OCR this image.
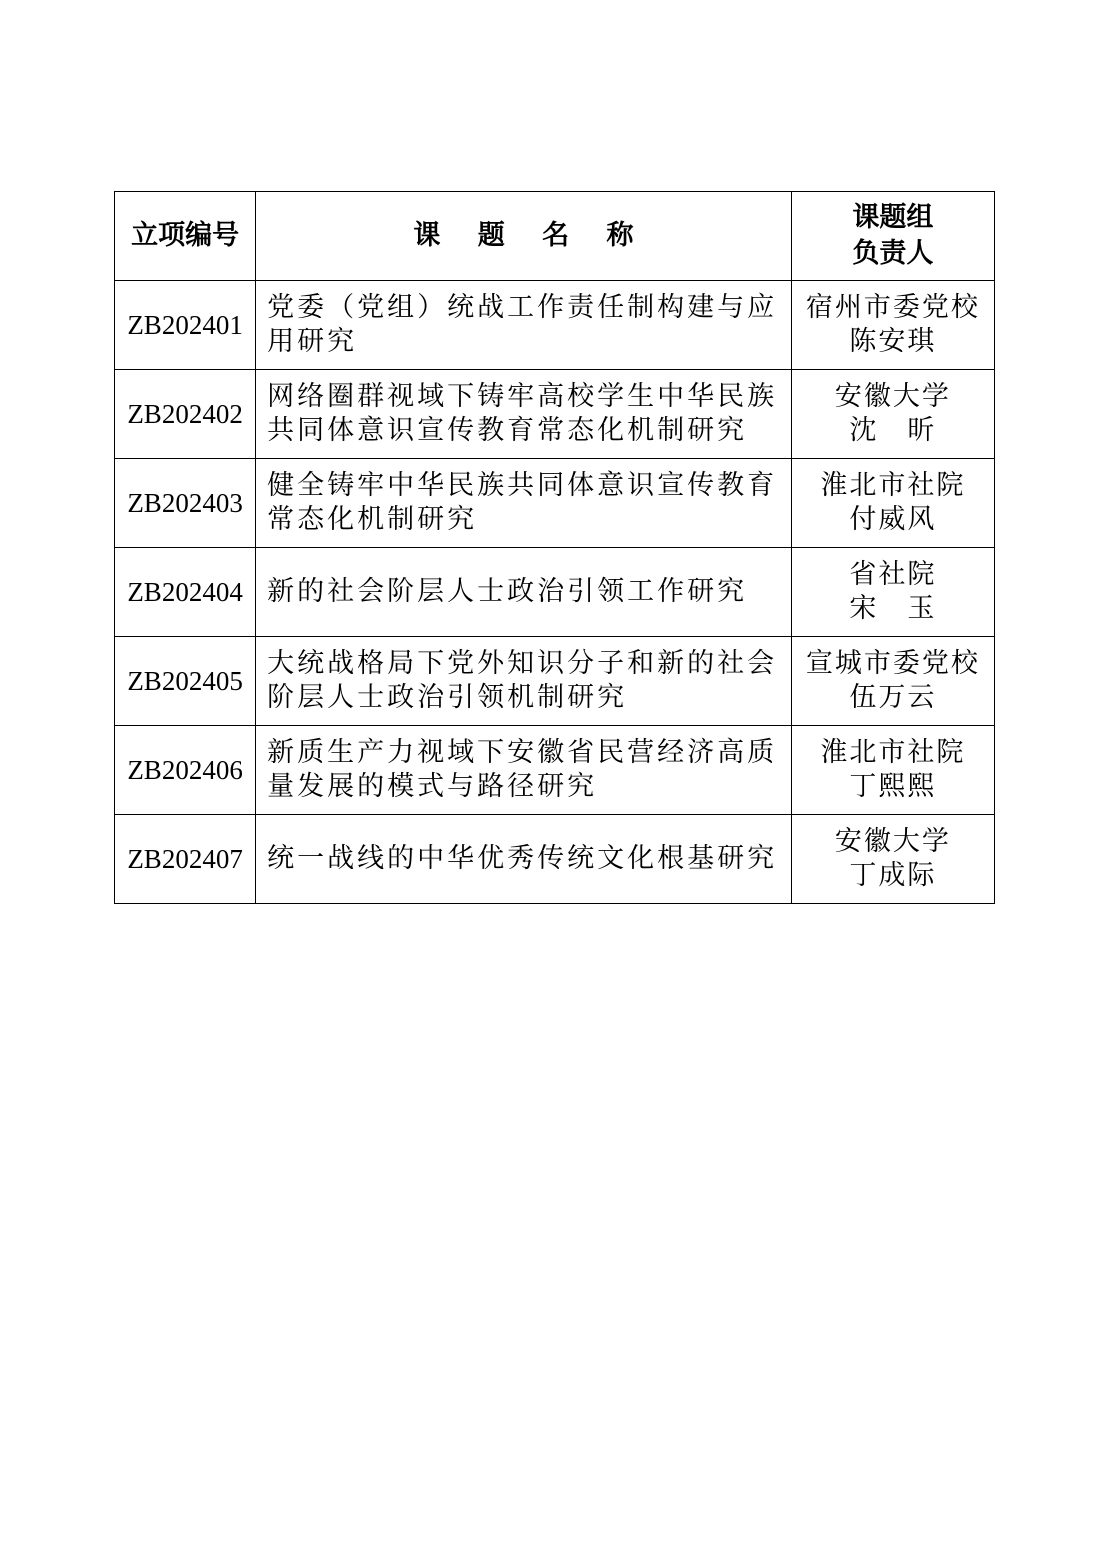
立项编号	课 题 名 称	课题组
负责人

ZB202401	党委（党组）统战工作责任制构建与应用研究	宿州市委党校
陈安琪

ZB202402	网络圈群视域下铸牢高校学生中华民族共同体意识宣传教育常态化机制研究	安徽大学
沈　昕

ZB202403	健全铸牢中华民族共同体意识宣传教育常态化机制研究	淮北市社院
付威风

ZB202404	新的社会阶层人士政治引领工作研究	省社院
宋　玉

ZB202405	大统战格局下党外知识分子和新的社会阶层人士政治引领机制研究	宣城市委党校
伍万云

ZB202406	新质生产力视域下安徽省民营经济高质量发展的模式与路径研究	淮北市社院
丁熙熙

ZB202407	统一战线的中华优秀传统文化根基研究	安徽大学
丁成际
